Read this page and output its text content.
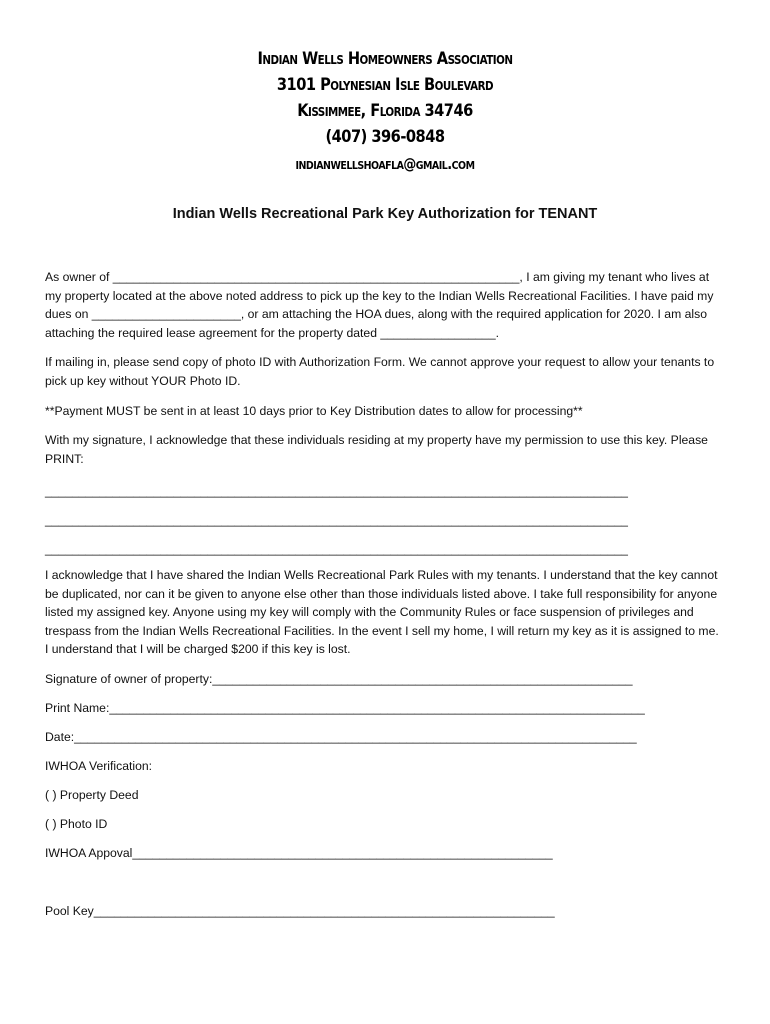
Indian Wells Homeowners Association
3101 Polynesian Isle Boulevard
Kissimmee, Florida 34746
(407) 396-0848
indianwellshoafla@gmail.com
Indian Wells Recreational Park Key Authorization for TENANT

As owner of ____________________________________________________________, I am giving my tenant who lives at my property located at the above noted address to pick up the key to the Indian Wells Recreational Facilities. I have paid my dues on ______________________, or am attaching the HOA dues, along with the required application for 2020. I am also attaching the required lease agreement for the property dated _________________.

If mailing in, please send copy of photo ID with Authorization Form. We cannot approve your request to allow your tenants to pick up key without YOUR Photo ID.

**Payment MUST be sent in at least 10 days prior to Key Distribution dates to allow for processing**

With my signature, I acknowledge that these individuals residing at my property have my permission to use this key. Please PRINT:

______________________________________________________________________________________
______________________________________________________________________________________
______________________________________________________________________________________

I acknowledge that I have shared the Indian Wells Recreational Park Rules with my tenants. I understand that the key cannot be duplicated, nor can it be given to anyone else other than those individuals listed above. I take full responsibility for anyone listed my assigned key. Anyone using my key will comply with the Community Rules or face suspension of privileges and trespass from the Indian Wells Recreational Facilities. In the event I sell my home, I will return my key as it is assigned to me. I understand that I will be charged $200 if this key is lost.

Signature of owner of property:______________________________________________________________
Print Name:_______________________________________________________________________________
Date:___________________________________________________________________________________
IWHOA Verification:
( ) Property Deed
( ) Photo ID
IWHOA Appoval______________________________________________________________
Pool Key____________________________________________________________________
